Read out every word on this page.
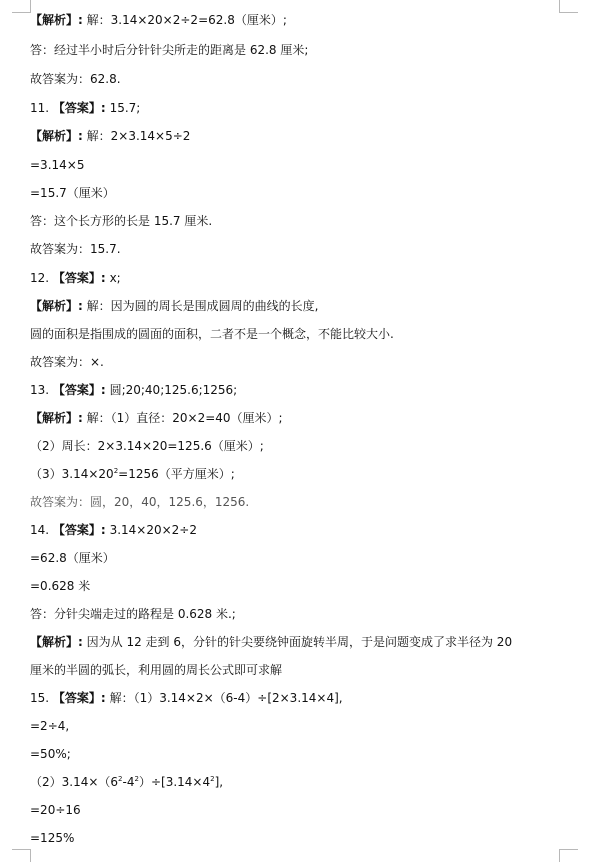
【解析】: 解：3.14×20×2÷2=62.8（厘米）;
答：经过半小时后分针针尖所走的距离是 62.8 厘米;
故答案为：62.8.
11. 【答案】: 15.7;
【解析】: 解：2×3.14×5÷2
=3.14×5
=15.7（厘米）
答：这个长方形的长是 15.7 厘米.
故答案为：15.7.
12. 【答案】: x;
【解析】: 解：因为圆的周长是围成圆周的曲线的长度,
圆的面积是指围成的圆面的面积，二者不是一个概念，不能比较大小.
故答案为：×.
13. 【答案】: 圆;20;40;125.6;1256;
【解析】: 解：（1）直径：20×2=40（厘米）;
（2）周长：2×3.14×20=125.6（厘米）;
$(3)3.14\times 20^2=1256$（平方厘米）;
故答案为：圆，20，40，125.6，1256.
14. 【答案】: 3.14×20×2÷2
=62.8（厘米）
=0.628 米
答：分针尖端走过的路程是 0.628 米.;
【解析】: 因为从 12 走到 6，分针的针尖要绕钟面旋转半周，于是问题变成了求半径为 20
厘米的半圆的弧长，利用圆的周长公式即可求解
15. 【答案】: 解：（1）3.14×2×（6-4）÷[2×3.14×4],
=2÷4,
=50%;
$(2)3.14\times(6^2-4^2)\div[3.14\times 4^2]$,
=20÷16
=125%
